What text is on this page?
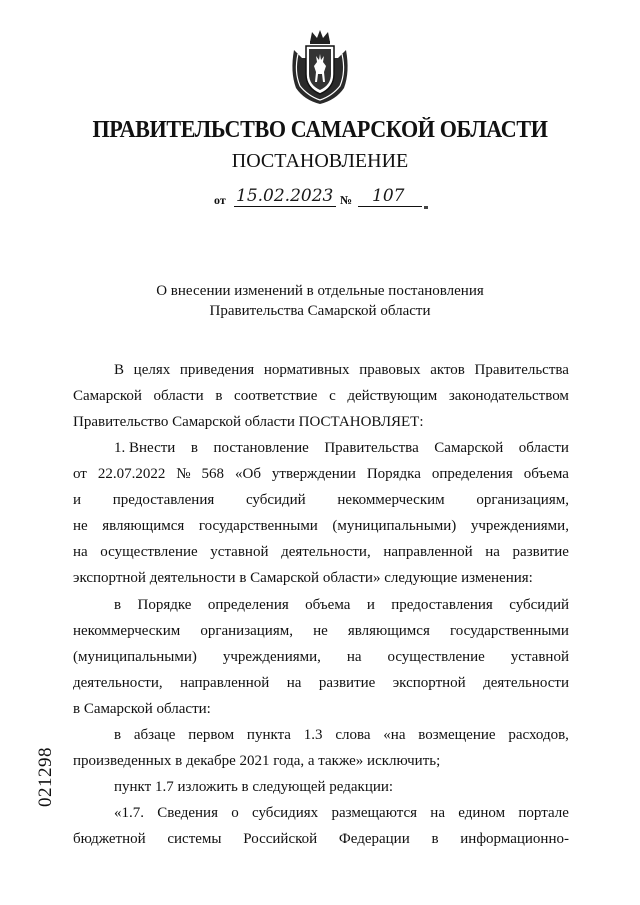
ПРАВИТЕЛЬСТВО САМАРСКОЙ ОБЛАСТИ
ПОСТАНОВЛЕНИЕ
от 15.02.2023 № 107
О внесении изменений в отдельные постановления
Правительства Самарской области
В целях приведения нормативных правовых актов Правительства
Самарской области в соответствие с действующим законодательством
Правительство Самарской области ПОСТАНОВЛЯЕТ:
1. Внести в постановление Правительства Самарской области
от 22.07.2022 № 568 «Об утверждении Порядка определения объема
и предоставления субсидий некоммерческим организациям,
не являющимся государственными (муниципальными) учреждениями,
на осуществление уставной деятельности, направленной на развитие
экспортной деятельности в Самарской области» следующие изменения:
в Порядке определения объема и предоставления субсидий
некоммерческим организациям, не являющимся государственными
(муниципальными) учреждениями, на осуществление уставной
деятельности, направленной на развитие экспортной деятельности
в Самарской области:
в абзаце первом пункта 1.3 слова «на возмещение расходов,
произведенных в декабре 2021 года, а также» исключить;
пункт 1.7 изложить в следующей редакции:
«1.7. Сведения о субсидиях размещаются на едином портале
бюджетной системы Российской Федерации в информационно-
021298
